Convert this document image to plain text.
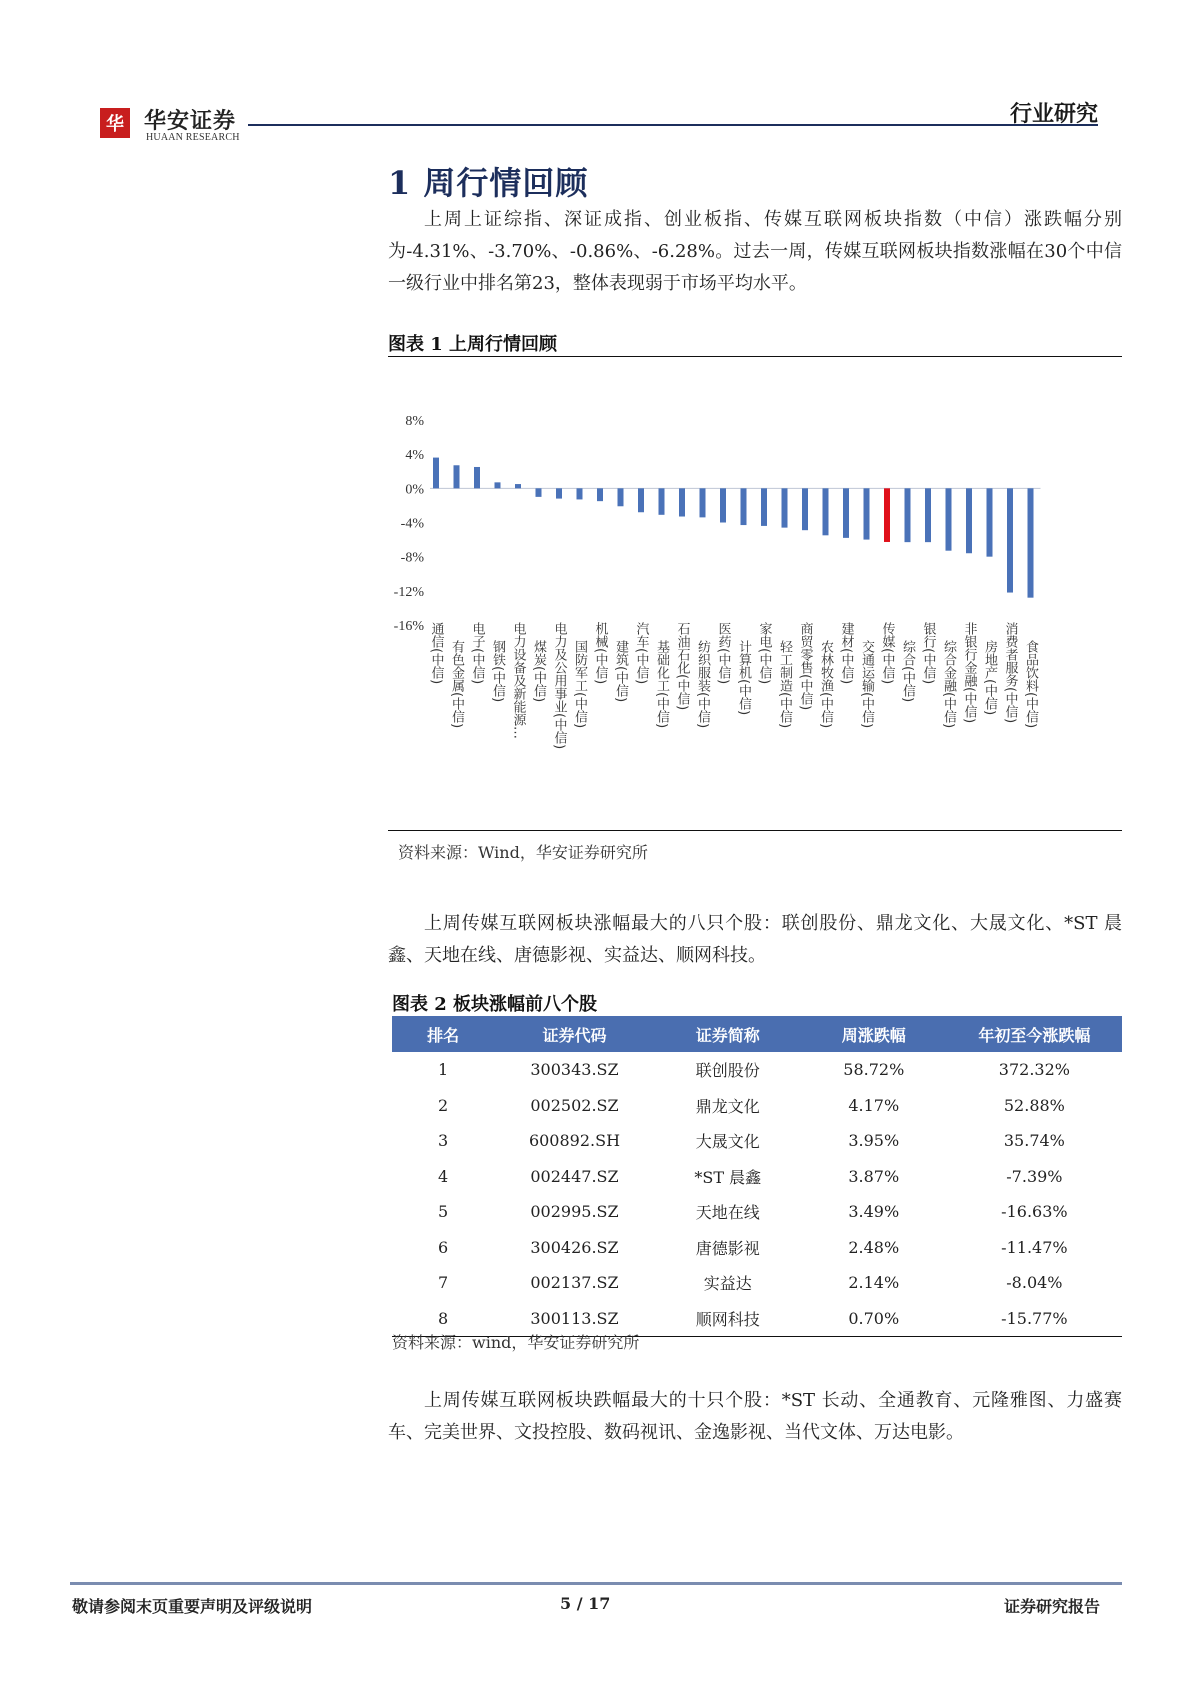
华 华安证券
HUAAN RESEARCH
行业研究
1 周行情回顾

上周上证综指、深证成指、创业板指、传媒互联网板块指数（中信）涨跌幅分别为-4.31%、-3.70%、-0.86%、-6.28%。过去一周，传媒互联网板块指数涨幅在30个中信一级行业中排名第23，整体表现弱于市场平均水平。

图表 1 上周行情回顾
8%
4%
0%
-4%
-8%
-12%
-16% 通信(中信) 有色金属(中信) 电子(中信) 钢铁(中信) 电力设备及新能源… 煤炭(中信) 电力及公用事业(中信) 国防军工(中信) 机械(中信) 建筑(中信) 汽车(中信) 基础化工(中信) 石油石化(中信) 纺织服装(中信) 医药(中信) 计算机(中信) 家电(中信) 轻工制造(中信) 商贸零售(中信) 农林牧渔(中信) 建材(中信) 交通运输(中信) 传媒(中信) 综合(中信) 银行(中信) 综合金融(中信) 非银行金融(中信) 房地产(中信) 消费者服务(中信) 食品饮料(中信)
资料来源：Wind，华安证券研究所

上周传媒互联网板块涨幅最大的八只个股：联创股份、鼎龙文化、大晟文化、*ST 晨鑫、天地在线、唐德影视、实益达、顺网科技。

图表 2 板块涨幅前八个股
排名	证券代码	证券简称	周涨跌幅	年初至今涨跌幅
1	300343.SZ	联创股份	58.72%	372.32%
2	002502.SZ	鼎龙文化	4.17%	52.88%
3	600892.SH	大晟文化	3.95%	35.74%
4	002447.SZ	*ST 晨鑫	3.87%	-7.39%
5	002995.SZ	天地在线	3.49%	-16.63%
6	300426.SZ	唐德影视	2.48%	-11.47%
7	002137.SZ	实益达	2.14%	-8.04%
8	300113.SZ	顺网科技	0.70%	-15.77%
资料来源：wind，华安证券研究所

上周传媒互联网板块跌幅最大的十只个股：*ST 长动、全通教育、元隆雅图、力盛赛车、完美世界、文投控股、数码视讯、金逸影视、当代文体、万达电影。

敬请参阅末页重要声明及评级说明	5 / 17	证券研究报告
